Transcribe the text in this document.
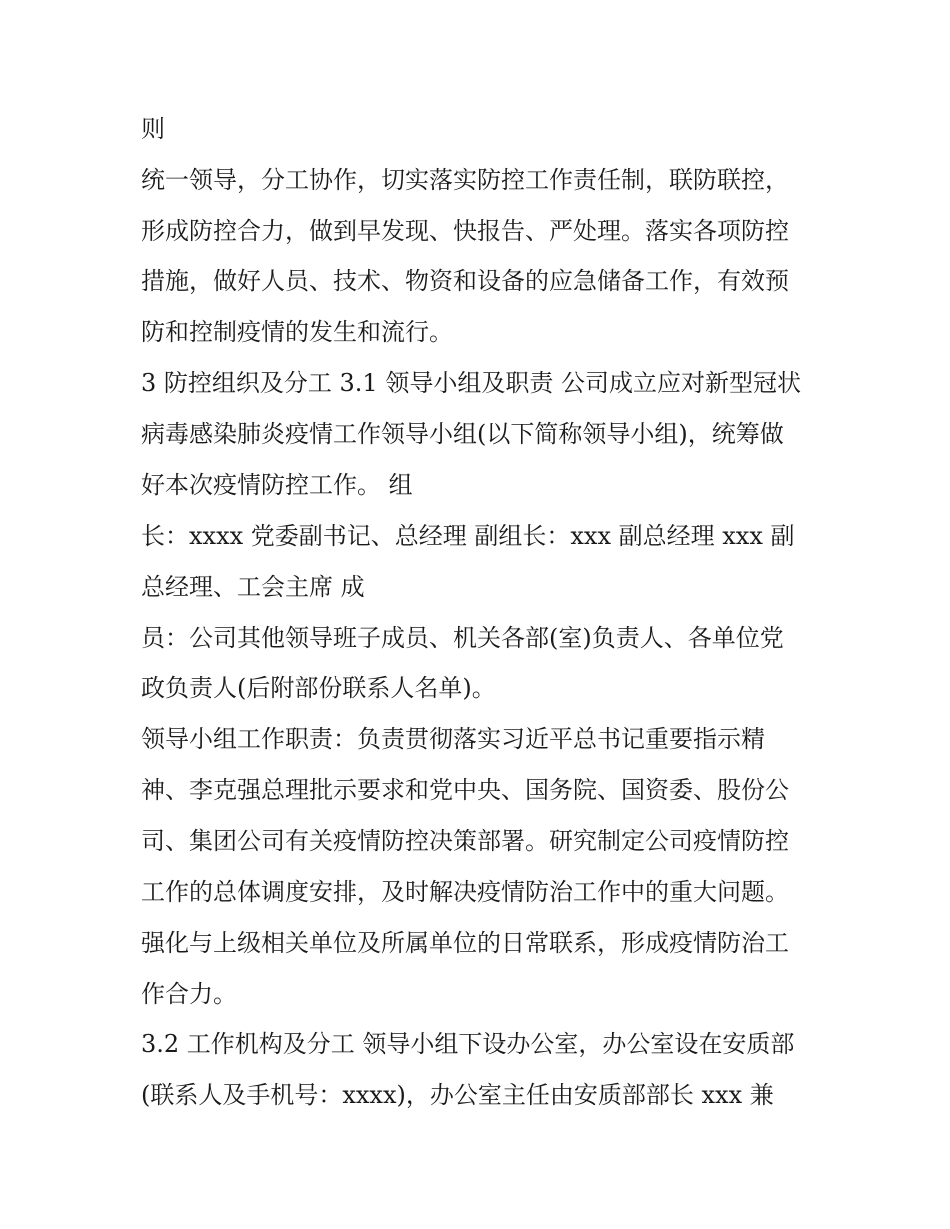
则
统一领导，分工协作，切实落实防控工作责任制，联防联控，
形成防控合力，做到早发现、快报告、严处理。落实各项防控
措施，做好人员、技术、物资和设备的应急储备工作，有效预
防和控制疫情的发生和流行。
3 防控组织及分工 3.1 领导小组及职责 公司成立应对新型冠状
病毒感染肺炎疫情工作领导小组(以下简称领导小组)，统筹做
好本次疫情防控工作。 组
长：xxxx 党委副书记、总经理 副组长：xxx 副总经理 xxx 副
总经理、工会主席 成
员：公司其他领导班子成员、机关各部(室)负责人、各单位党
政负责人(后附部份联系人名单)。
领导小组工作职责：负责贯彻落实习近平总书记重要指示精
神、李克强总理批示要求和党中央、国务院、国资委、股份公
司、集团公司有关疫情防控决策部署。研究制定公司疫情防控
工作的总体调度安排，及时解决疫情防治工作中的重大问题。
强化与上级相关单位及所属单位的日常联系，形成疫情防治工
作合力。
3.2 工作机构及分工 领导小组下设办公室，办公室设在安质部
(联系人及手机号：xxxx)，办公室主任由安质部部长 xxx 兼
